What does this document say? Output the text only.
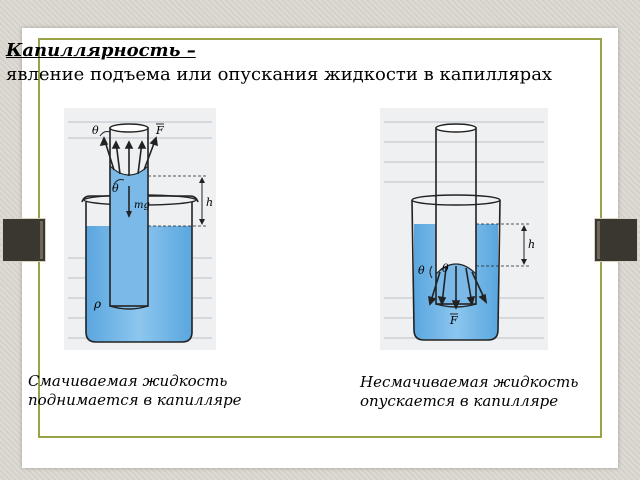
Капиллярность –
явление подъема или опускания жидкости в капиллярах
θ	F
θ
mg	h
ρ
θ θ
F
h
Смачиваемая жидкость
поднимается в капилляре
Несмачиваемая жидкость
опускается в капилляре
